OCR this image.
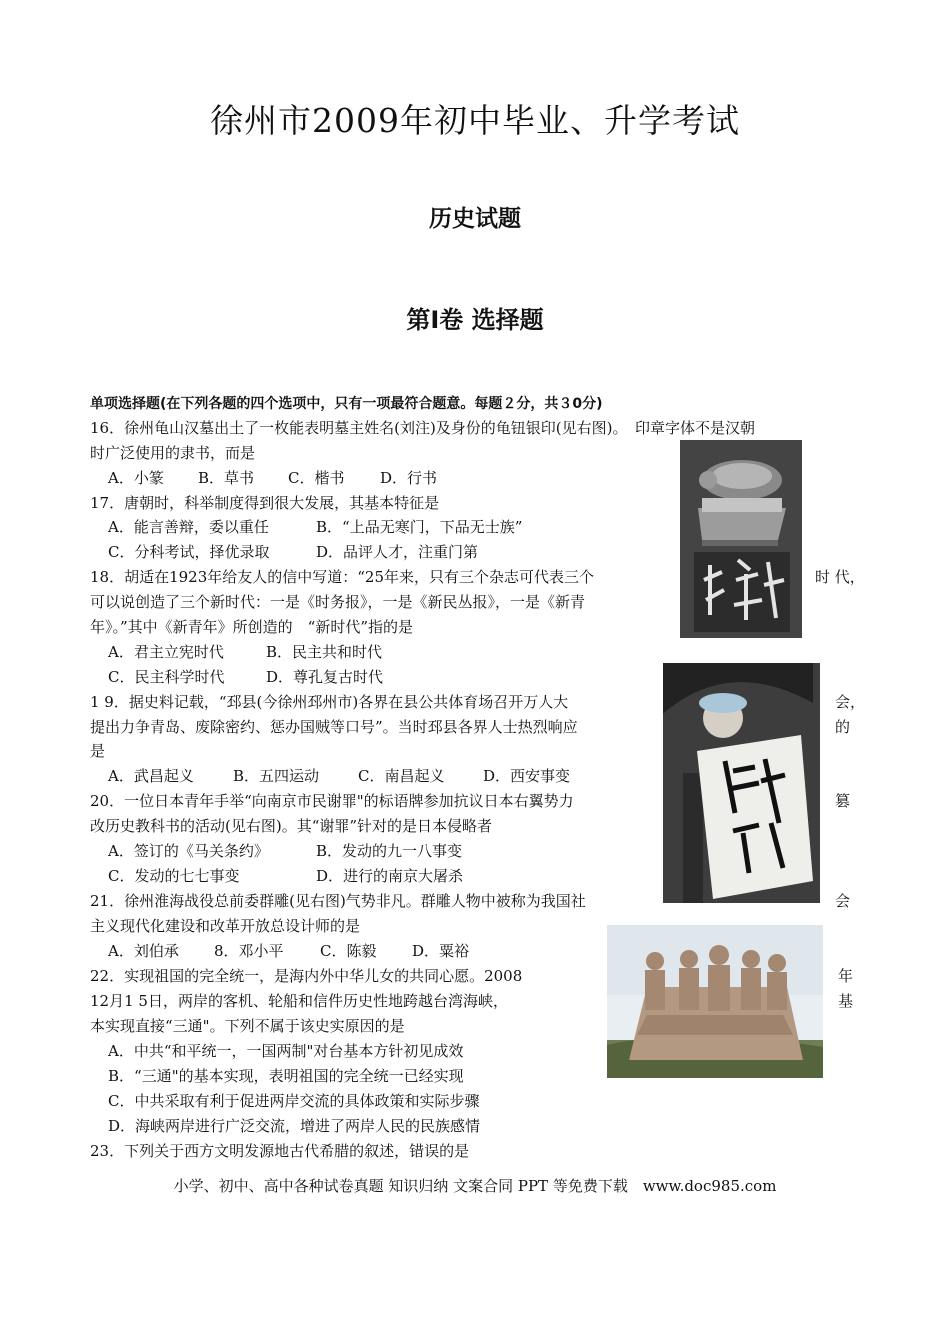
徐州市2009年初中毕业、升学考试
历史试题
第Ⅰ卷 选择题
单项选择题(在下列各题的四个选项中，只有一项最符合题意。每题２分，共３0分)
16．徐州龟山汉墓出土了一枚能表明墓主姓名(刘注)及身份的龟钮银印(见右图)。　印章字体不是汉朝
时广泛使用的隶书，而是
A．小篆 B．草书 C．楷书 D．行书
17．唐朝时，科举制度得到很大发展，其基本特征是
A．能言善辩，委以重任	B．“上品无寒门，下品无士族”
C．分科考试，择优录取	D．品评人才，注重门第
18．胡适在1923年给友人的信中写道：“25年来，只有三个杂志可代表三个	时 代，
可以说创造了三个新时代：一是《时务报》，一是《新民丛报》，一是《新青
年》。”其中《新青年》所创造的　“新时代”指的是
A．君主立宪时代	B．民主共和时代
C．民主科学时代	D．尊孔复古时代
1 9．据史料记载，“邳县(今徐州邳州市)各界在县公共体育场召开万人大	会，
提出力争青岛、废除密约、惩办国贼等口号”。当时邳县各界人士热烈响应	的
是
A．武昌起义	B．五四运动	C．南昌起义	D．西安事变
20．一位日本青年手举“向南京市民谢罪"的标语牌参加抗议日本右翼势力	篡
改历史教科书的活动(见右图)。其“谢罪”针对的是日本侵略者
A．签订的《马关条约》	B．发动的九一八事变
C．发动的七七事变	D．进行的南京大屠杀
21．徐州淮海战役总前委群雕(见右图)气势非凡。群雕人物中被称为我国社	会
主义现代化建设和改革开放总设计师的是
A．刘伯承 8．邓小平 C．陈毅 D．粟裕
22．实现祖国的完全统一，是海内外中华儿女的共同心愿。2008	年
12月1 5日，两岸的客机、轮船和信件历史性地跨越台湾海峡，	基
本实现直接“三通"。下列不属于该史实原因的是
A．中共“和平统一，一国两制"对台基本方针初见成效
B．“三通"的基本实现，表明祖国的完全统一已经实现
C．中共采取有利于促进两岸交流的具体政策和实际步骤
D．海峡两岸进行广泛交流，增进了两岸人民的民族感情
23．下列关于西方文明发源地古代希腊的叙述，错误的是
小学、初中、高中各种试卷真题 知识归纳 文案合同 PPT 等免费下载　www.doc985.com
